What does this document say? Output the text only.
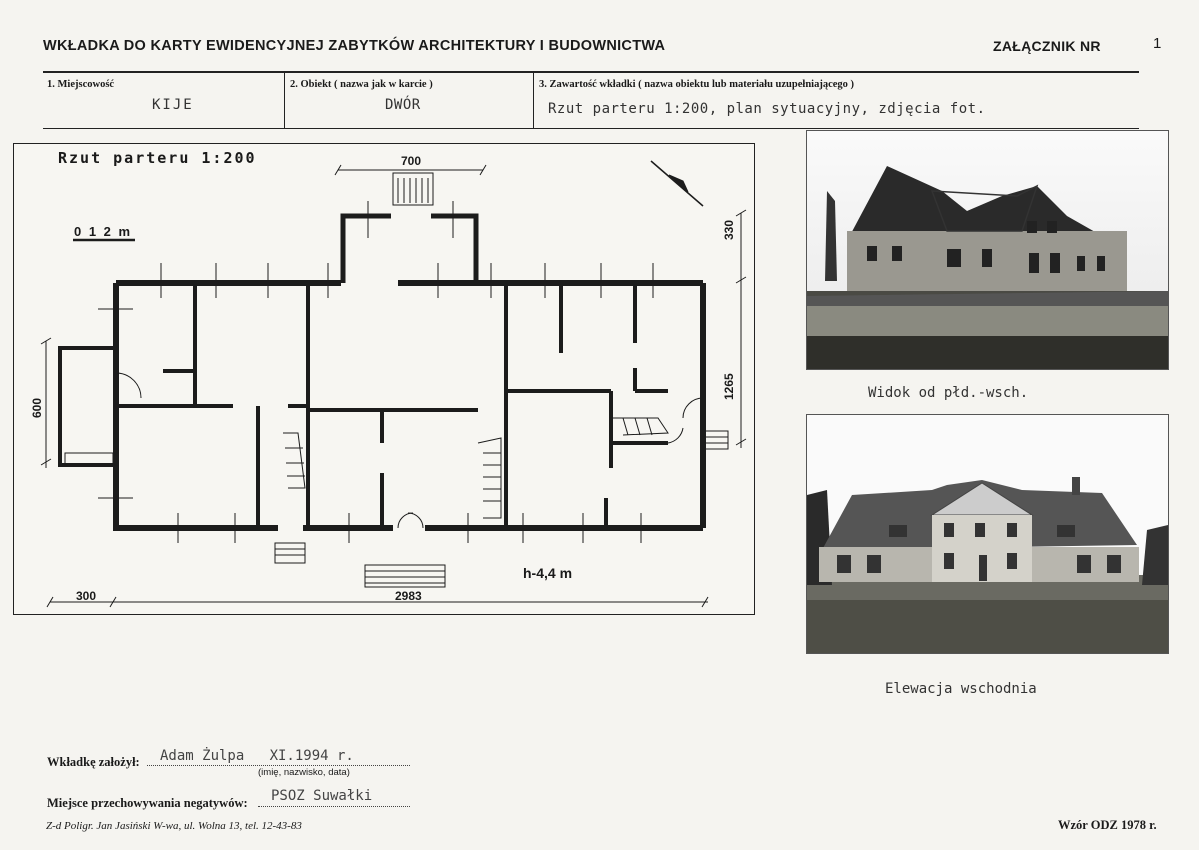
WKŁADKA DO KARTY EWIDENCYJNEJ ZABYTKÓW ARCHITEKTURY I BUDOWNICTWA	ZAŁĄCZNIK NR	1
1. Miejscowość
KIJE
2. Obiekt ( nazwa jak w karcie )
DWÓR
3. Zawartość wkładki ( nazwa obiektu lub materiału uzupełniającego )
Rzut parteru 1:200, plan sytuacyjny, zdjęcia fot.
Rzut parteru 1:200
0 1 2 m
700
330
1265
600
300	2983
h-4,4 m
Widok od płd.-wsch.
Elewacja wschodnia
Wkładkę założył: Adam Żulpa   XI.1994 r.
(imię, nazwisko, data)
Miejsce przechowywania negatywów: PSOZ Suwałki
Z-d Poligr. Jan Jasiński W-wa, ul. Wolna 13, tel. 12-43-83	Wzór ODZ 1978 r.
